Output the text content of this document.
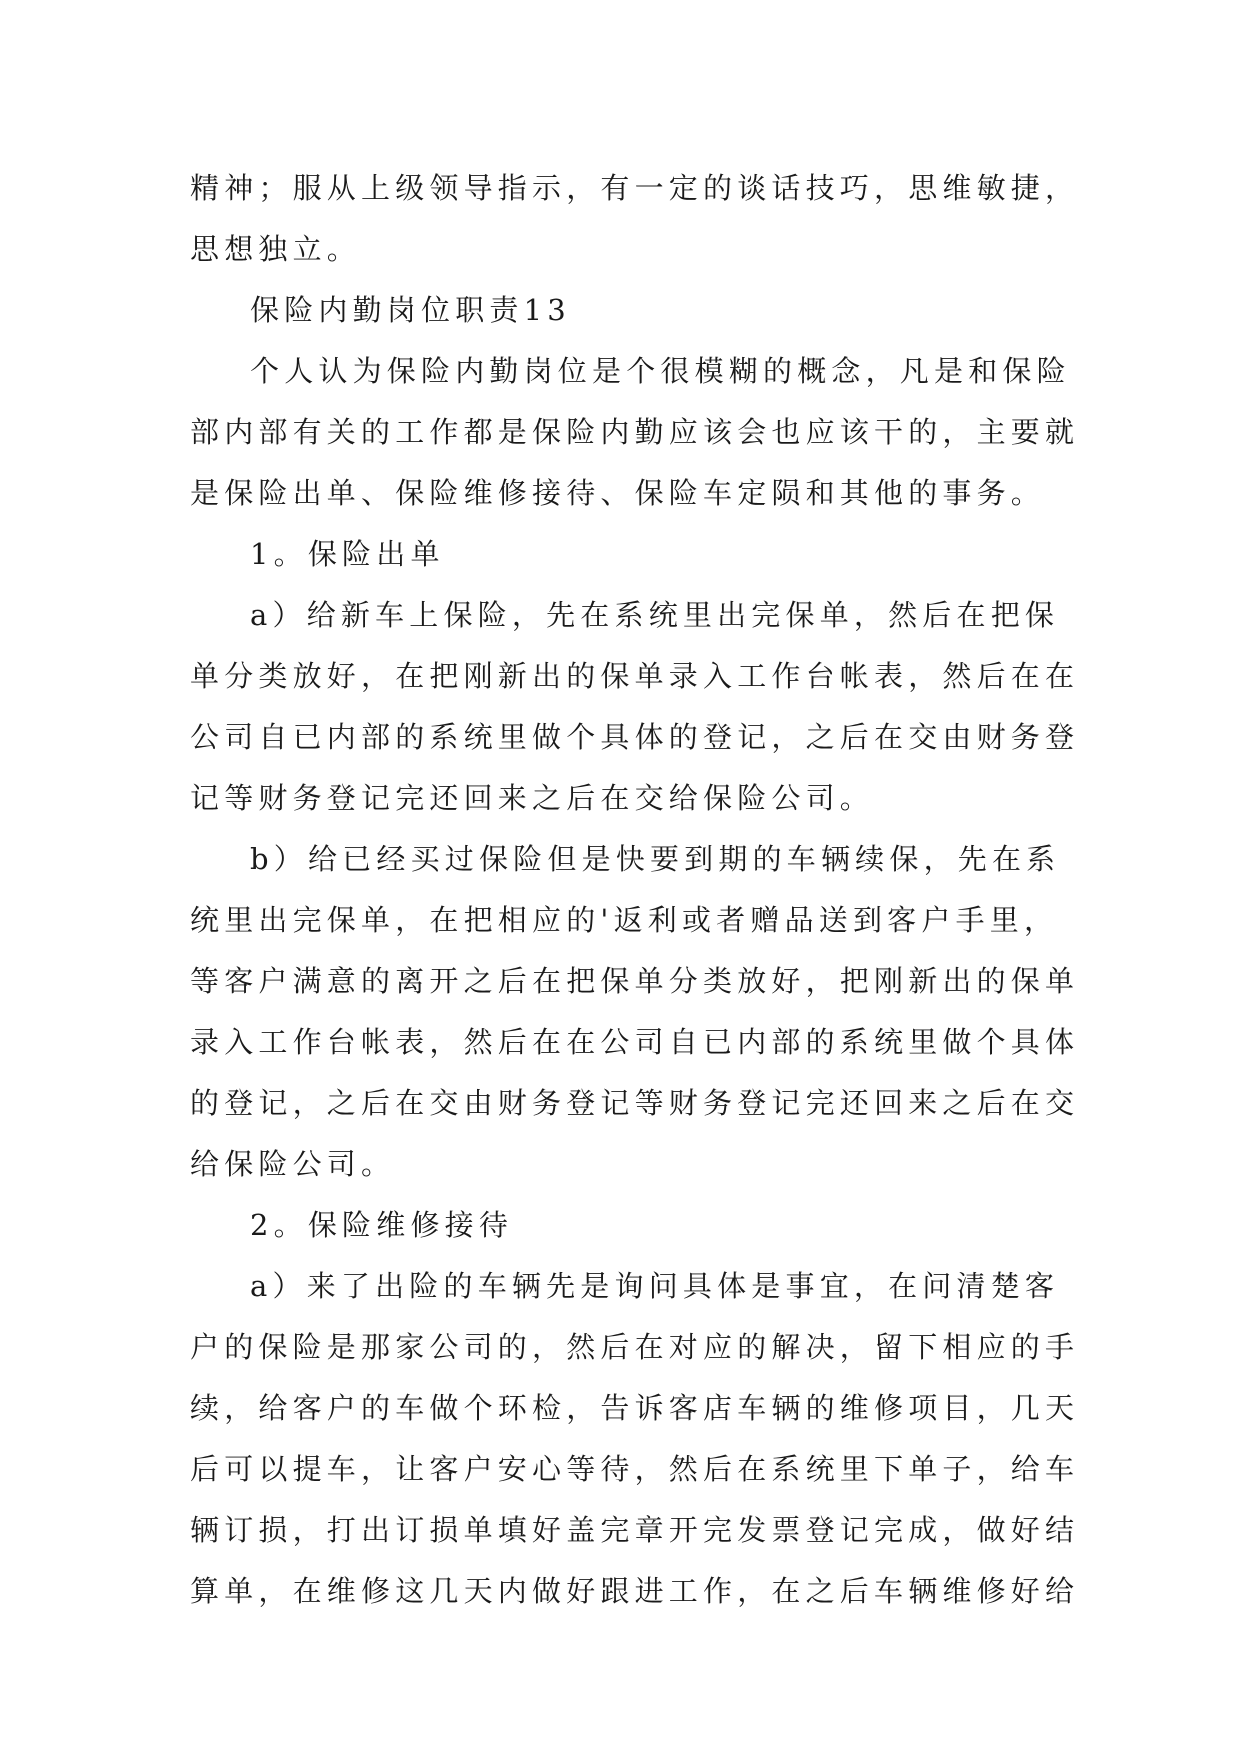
精神；服从上级领导指示，有一定的谈话技巧，思维敏捷，
思想独立。
保险内勤岗位职责13
个人认为保险内勤岗位是个很模糊的概念，凡是和保险
部内部有关的工作都是保险内勤应该会也应该干的，主要就
是保险出单、保险维修接待、保险车定陨和其他的事务。
1。保险出单
a）给新车上保险，先在系统里出完保单，然后在把保
单分类放好，在把刚新出的保单录入工作台帐表，然后在在
公司自已内部的系统里做个具体的登记，之后在交由财务登
记等财务登记完还回来之后在交给保险公司。
b）给已经买过保险但是快要到期的车辆续保，先在系
统里出完保单，在把相应的'返利或者赠品送到客户手里，
等客户满意的离开之后在把保单分类放好，把刚新出的保单
录入工作台帐表，然后在在公司自已内部的系统里做个具体
的登记，之后在交由财务登记等财务登记完还回来之后在交
给保险公司。
2。保险维修接待
a）来了出险的车辆先是询问具体是事宜，在问清楚客
户的保险是那家公司的，然后在对应的解决，留下相应的手
续，给客户的车做个环检，告诉客店车辆的维修项目，几天
后可以提车，让客户安心等待，然后在系统里下单子，给车
辆订损，打出订损单填好盖完章开完发票登记完成，做好结
算单，在维修这几天内做好跟进工作，在之后车辆维修好给
